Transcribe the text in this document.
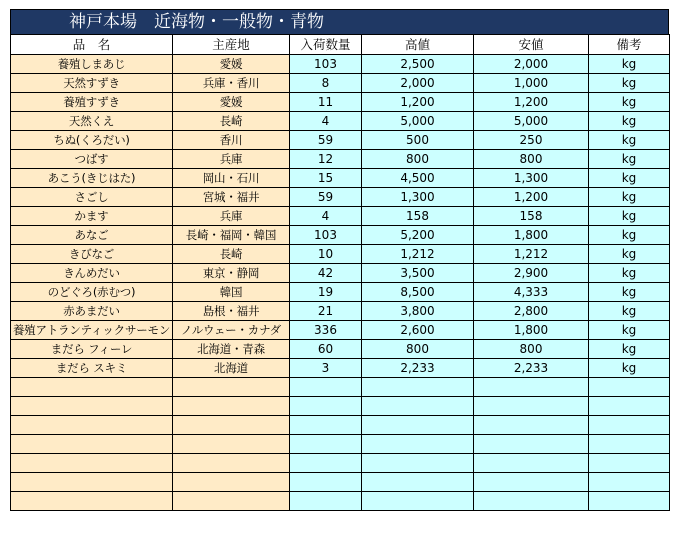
神戸本場　近海物・一般物・青物
品　名	主産地	入荷数量	高値	安値	備考
養殖しまあじ	愛媛	103	2,500	2,000	kg
天然すずき	兵庫・香川	8	2,000	1,000	kg
養殖すずき	愛媛	11	1,200	1,200	kg
天然くえ	長崎	4	5,000	5,000	kg
ちぬ(くろだい)	香川	59	500	250	kg
つばす	兵庫	12	800	800	kg
あこう(きじはた)	岡山・石川	15	4,500	1,300	kg
さごし	宮城・福井	59	1,300	1,200	kg
かます	兵庫	4	158	158	kg
あなご	長崎・福岡・韓国	103	5,200	1,800	kg
きびなご	長崎	10	1,212	1,212	kg
きんめだい	東京・静岡	42	3,500	2,900	kg
のどぐろ(赤むつ)	韓国	19	8,500	4,333	kg
赤あまだい	島根・福井	21	3,800	2,800	kg
養殖アトランティックサーモン	ノルウェー・カナダ	336	2,600	1,800	kg
まだら フィーレ	北海道・青森	60	800	800	kg
まだら スキミ	北海道	3	2,233	2,233	kg
